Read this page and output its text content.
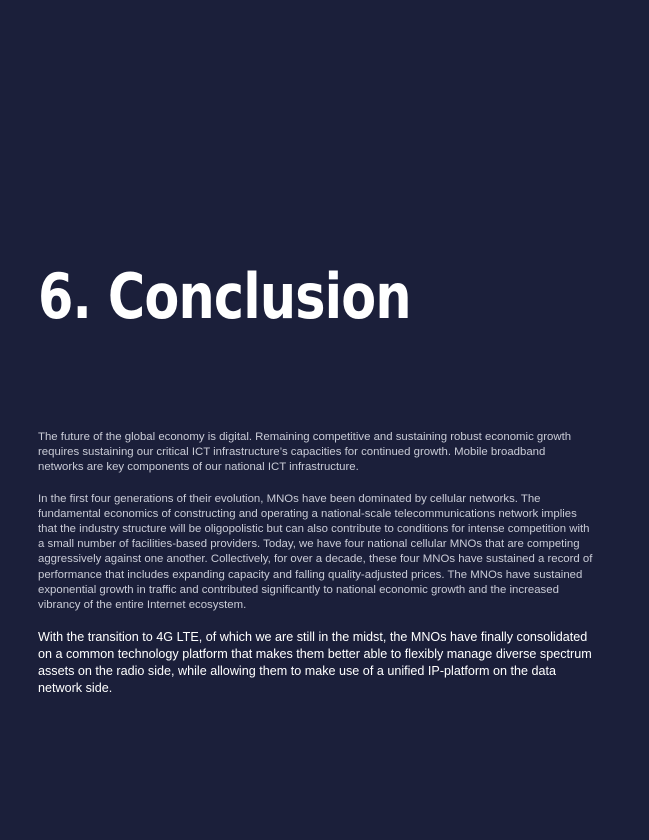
6. Conclusion

The future of the global economy is digital. Remaining competitive and sustaining robust economic growth requires sustaining our critical ICT infrastructure’s capacities for continued growth. Mobile broadband networks are key components of our national ICT infrastructure.

In the first four generations of their evolution, MNOs have been dominated by cellular networks. The fundamental economics of constructing and operating a national-scale telecommunications network implies that the industry structure will be oligopolistic but can also contribute to conditions for intense competition with a small number of facilities-based providers. Today, we have four national cellular MNOs that are competing aggressively against one another. Collectively, for over a decade, these four MNOs have sustained a record of performance that includes expanding capacity and falling quality-adjusted prices. The MNOs have sustained exponential growth in traffic and contributed significantly to national economic growth and the increased vibrancy of the entire Internet ecosystem.

With the transition to 4G LTE, of which we are still in the midst, the MNOs have finally consolidated on a common technology platform that makes them better able to flexibly manage diverse spectrum assets on the radio side, while allowing them to make use of a unified IP-platform on the data network side.
